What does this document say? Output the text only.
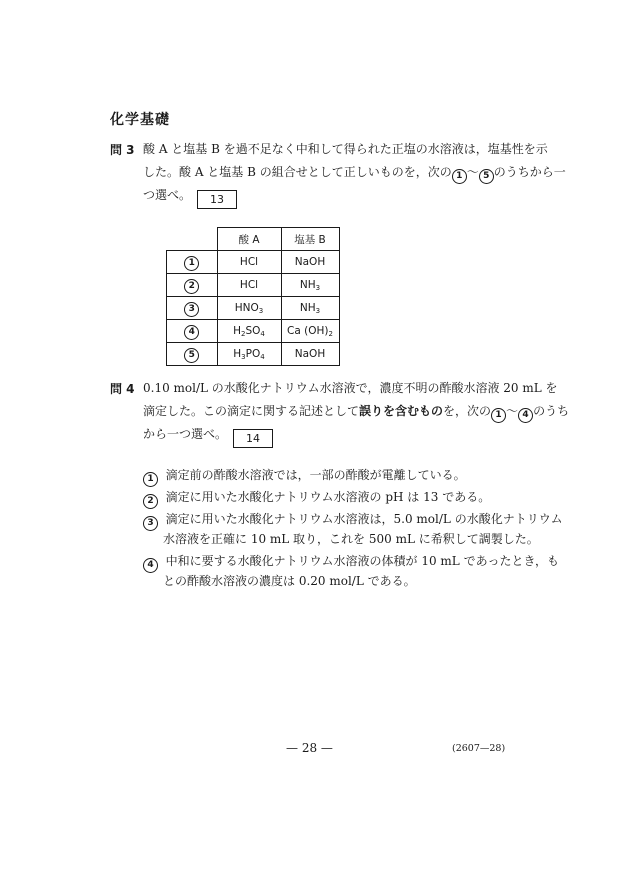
化学基礎
問 3 酸 A と塩基 B を過不足なく中和して得られた正塩の水溶液は，塩基性を示
した。酸 A と塩基 B の組合せとして正しいものを，次の 1 〜 5 のうちから一
つ選べ。 13
	酸 A	塩基 B
1	HCl	NaOH
2	HCl	$NH_3$
3	$HNO_3$	$NH_3$
4	$H_2SO_4$	Ca $(OH)_2$
5	$H_3PO_4$	NaOH
問 4 0.10 mol/L の水酸化ナトリウム水溶液で，濃度不明の酢酸水溶液 20 mL を
滴定した。この滴定に関する記述として誤りを含むものを，次の 1 〜 4 のうち
から一つ選べ。 14
1 滴定前の酢酸水溶液では，一部の酢酸が電離している。
2 滴定に用いた水酸化ナトリウム水溶液の pH は 13 である。
3 滴定に用いた水酸化ナトリウム水溶液は，5.0 mol/L の水酸化ナトリウム
水溶液を正確に 10 mL 取り，これを 500 mL に希釈して調製した。
4 中和に要する水酸化ナトリウム水溶液の体積が 10 mL であったとき，も
との酢酸水溶液の濃度は 0.20 mol/L である。
— 28 —	(2607—28)
